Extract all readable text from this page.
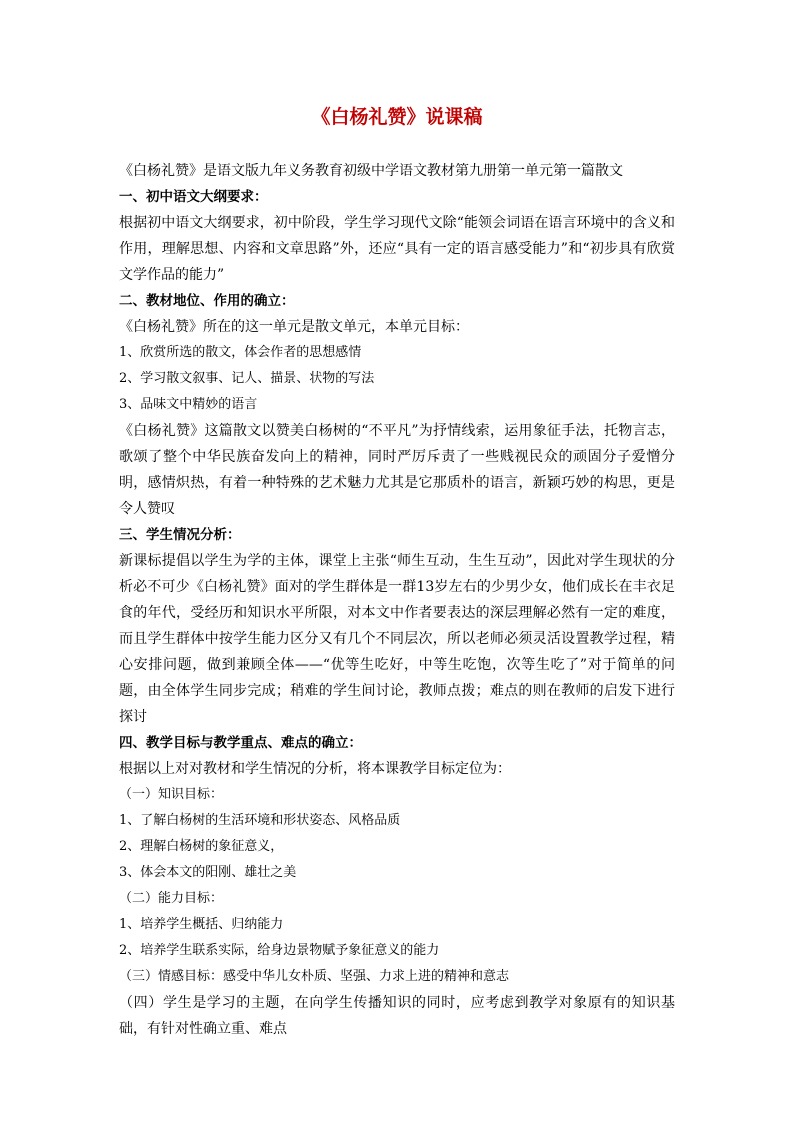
《白杨礼赞》说课稿

《白杨礼赞》是语文版九年义务教育初级中学语文教材第九册第一单元第一篇散文

一、初中语文大纲要求：

根据初中语文大纲要求，初中阶段，学生学习现代文除“能领会词语在语言环境中的含义和作用，理解思想、内容和文章思路”外，还应“具有一定的语言感受能力”和“初步具有欣赏文学作品的能力”

二、教材地位、作用的确立：

《白杨礼赞》所在的这一单元是散文单元，本单元目标：

1、欣赏所选的散文，体会作者的思想感情

2、学习散文叙事、记人、描景、状物的写法

3、品味文中精妙的语言

《白杨礼赞》这篇散文以赞美白杨树的“不平凡”为抒情线索，运用象征手法，托物言志，歌颂了整个中华民族奋发向上的精神，同时严厉斥责了一些贱视民众的顽固分子爱憎分明，感情炽热，有着一种特殊的艺术魅力尤其是它那质朴的语言，新颖巧妙的构思，更是令人赞叹

三、学生情况分析：

新课标提倡以学生为学的主体，课堂上主张“师生互动，生生互动”，因此对学生现状的分析必不可少《白杨礼赞》面对的学生群体是一群13岁左右的少男少女，他们成长在丰衣足食的年代，受经历和知识水平所限，对本文中作者要表达的深层理解必然有一定的难度，而且学生群体中按学生能力区分又有几个不同层次，所以老师必须灵活设置教学过程，精心安排问题，做到兼顾全体——“优等生吃好，中等生吃饱，次等生吃了”对于简单的问题，由全体学生同步完成；稍难的学生间讨论，教师点拨；难点的则在教师的启发下进行探讨

四、教学目标与教学重点、难点的确立：

根据以上对对教材和学生情况的分析，将本课教学目标定位为：

（一）知识目标：

1、了解白杨树的生活环境和形状姿态、风格品质

2、理解白杨树的象征意义，

3、体会本文的阳刚、雄壮之美

（二）能力目标：

1、培养学生概括、归纳能力

2、培养学生联系实际，给身边景物赋予象征意义的能力

（三）情感目标：感受中华儿女朴质、坚强、力求上进的精神和意志

（四）学生是学习的主题，在向学生传播知识的同时，应考虑到教学对象原有的知识基础，有针对性确立重、难点
